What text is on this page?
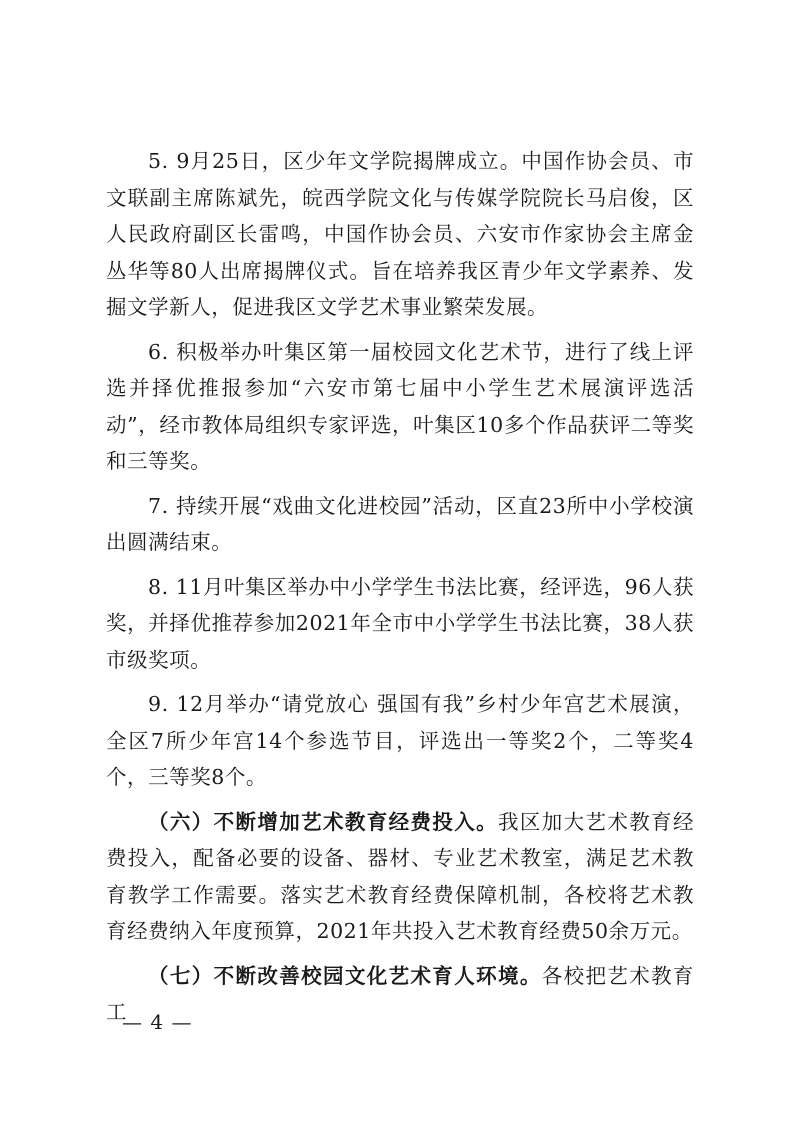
5. 9月25日，区少年文学院揭牌成立。中国作协会员、市文联副主席陈斌先，皖西学院文化与传媒学院院长马启俊，区人民政府副区长雷鸣，中国作协会员、六安市作家协会主席金丛华等80人出席揭牌仪式。旨在培养我区青少年文学素养、发掘文学新人，促进我区文学艺术事业繁荣发展。

6. 积极举办叶集区第一届校园文化艺术节，进行了线上评选并择优推报参加“六安市第七届中小学生艺术展演评选活动”，经市教体局组织专家评选，叶集区10多个作品获评二等奖和三等奖。

7. 持续开展“戏曲文化进校园”活动，区直23所中小学校演出圆满结束。

8. 11月叶集区举办中小学学生书法比赛，经评选，96人获奖，并择优推荐参加2021年全市中小学学生书法比赛，38人获市级奖项。

9. 12月举办“请党放心 强国有我”乡村少年宫艺术展演，全区7所少年宫14个参选节目，评选出一等奖2个，二等奖4个，三等奖8个。

（六）不断增加艺术教育经费投入。我区加大艺术教育经费投入，配备必要的设备、器材、专业艺术教室，满足艺术教育教学工作需要。落实艺术教育经费保障机制，各校将艺术教育经费纳入年度预算，2021年共投入艺术教育经费50余万元。

（七）不断改善校园文化艺术育人环境。各校把艺术教育工

— 4 —
